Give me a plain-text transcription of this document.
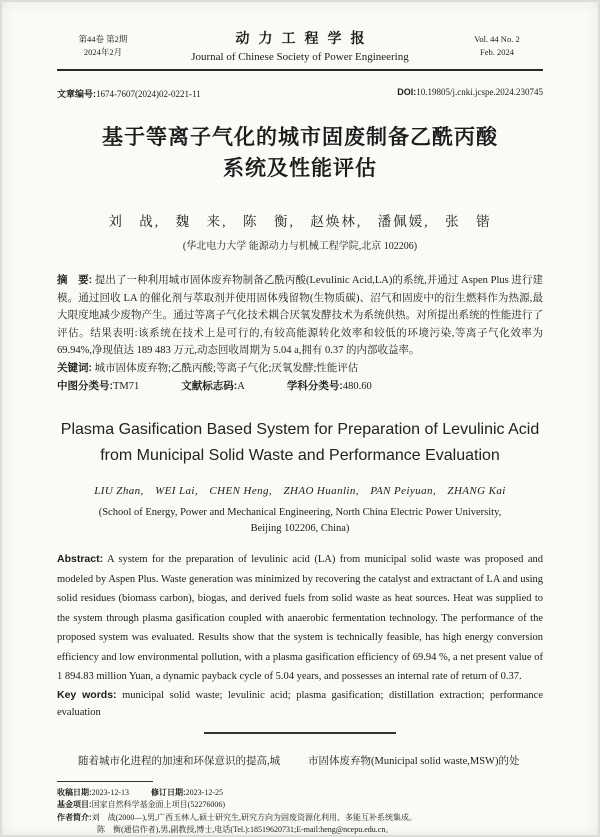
第44卷 第2期
2024年2月
动力工程学报
Journal of Chinese Society of Power Engineering
Vol. 44 No. 2
Feb. 2024
文章编号:1674-7607(2024)02-0221-11	DOI:10.19805/j.cnki.jcspe.2024.230745
基于等离子气化的城市固废制备乙酰丙酸
系统及性能评估
刘　战,　魏　来,　陈　衡,　赵焕林,　潘佩媛,　张　锴
(华北电力大学 能源动力与机械工程学院,北京 102206)

摘　要: 提出了一种利用城市固体废弃物制备乙酰丙酸(Levulinic Acid,LA)的系统,并通过 Aspen Plus 进行建模。通过回收 LA 的催化剂与萃取剂并使用固体残留物(生物质碳)、沼气和固废中的衍生燃料作为热源,最大限度地减少废物产生。通过等离子气化技术耦合厌氧发酵技术为系统供热。对所提出系统的性能进行了评估。结果表明:该系统在技术上是可行的,有较高能源转化效率和较低的环境污染,等离子气化效率为 69.94%,净现值达 189 483 万元,动态回收周期为 5.04 a,拥有 0.37 的内部收益率。

关键词: 城市固体废弃物;乙酰丙酸;等离子气化;厌氧发酵;性能评估

中图分类号:TM71	文献标志码:A	学科分类号:480.60
Plasma Gasification Based System for Preparation of Levulinic Acid
from Municipal Solid Waste and Performance Evaluation
LIU Zhan,　WEI Lai,　CHEN Heng,　ZHAO Huanlin,　PAN Peiyuan,　ZHANG Kai
(School of Energy, Power and Mechanical Engineering, North China Electric Power University,
Beijing 102206, China)

Abstract: A system for the preparation of levulinic acid (LA) from municipal solid waste was proposed and modeled by Aspen Plus. Waste generation was minimized by recovering the catalyst and extractant of LA and using solid residues (biomass carbon), biogas, and derived fuels from solid waste as heat sources. Heat was supplied to the system through plasma gasification coupled with anaerobic fermentation technology. The performance of the proposed system was evaluated. Results show that the system is technically feasible, has high energy conversion efficiency and low environmental pollution, with a plasma gasification efficiency of 69.94 %, a net present value of 1 894.83 million Yuan, a dynamic payback cycle of 5.04 years, and possesses an internal rate of return of 0.37.

Key words: municipal solid waste; levulinic acid; plasma gasification; distillation extraction; performance evaluation

随着城市化进程的加速和环保意识的提高,城	市固体废弃物(Municipal solid waste,MSW)的处
收稿日期:2023-12-13	修订日期:2023-12-25
基金项目:国家自然科学基金面上项目(52276006)
作者简介:刘　战(2000—),男,广西玉林人,硕士研究生,研究方向为固废资源化利用、多能互补系统集成。
陈　衡(通信作者),男,副教授,博士,电话(Tel.):18519620731;E-mail:heng@ncepu.edu.cn。
